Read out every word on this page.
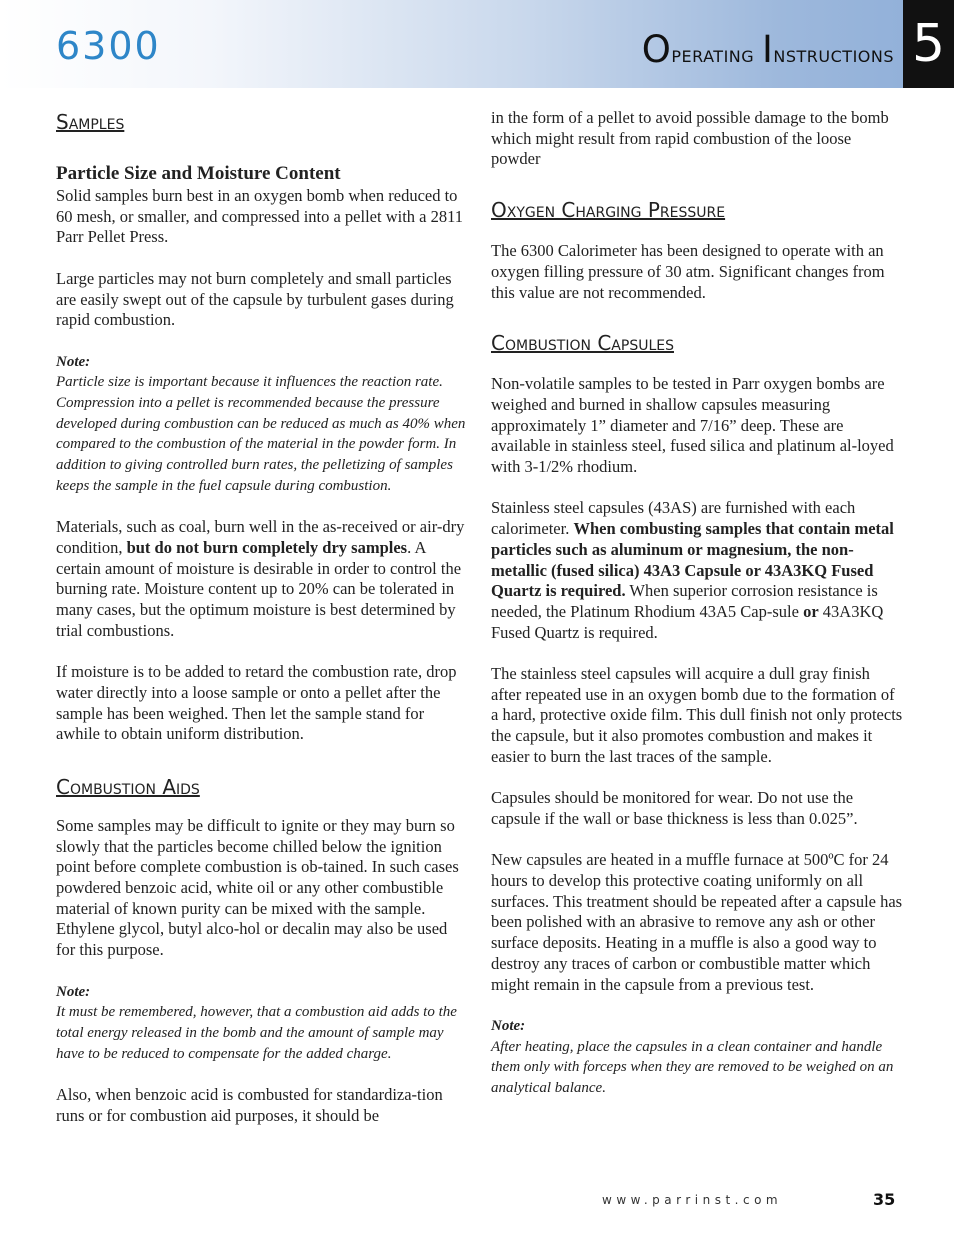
6300	Operating Instructions 5

Samples

Particle Size and Moisture Content

Solid samples burn best in an oxygen bomb when reduced to 60 mesh, or smaller, and compressed into a pellet with a 2811 Parr Pellet Press.

Large particles may not burn completely and small particles are easily swept out of the capsule by turbulent gases during rapid combustion.

Note:

Particle size is important because it influences the reaction rate. Compression into a pellet is recommended because the pressure developed during combustion can be reduced as much as 40% when compared to the combustion of the material in the powder form. In addition to giving controlled burn rates, the pelletizing of samples keeps the sample in the fuel capsule during combustion.

Materials, such as coal, burn well in the as-received or air-dry condition, but do not burn completely dry samples. A certain amount of moisture is desirable in order to control the burning rate. Moisture content up to 20% can be tolerated in many cases, but the optimum moisture is best determined by trial combustions.

If moisture is to be added to retard the combustion rate, drop water directly into a loose sample or onto a pellet after the sample has been weighed. Then let the sample stand for awhile to obtain uniform distribution.

Combustion Aids

Some samples may be difficult to ignite or they may burn so slowly that the particles become chilled below the ignition point before complete combustion is ob-tained. In such cases powdered benzoic acid, white oil or any other combustible material of known purity can be mixed with the sample. Ethylene glycol, butyl alco-hol or decalin may also be used for this purpose.

Note:

It must be remembered, however, that a combustion aid adds to the total energy released in the bomb and the amount of sample may have to be reduced to compensate for the added charge.

Also, when benzoic acid is combusted for standardiza-tion runs or for combustion aid purposes, it should be

in the form of a pellet to avoid possible damage to the bomb which might result from rapid combustion of the loose powder

Oxygen Charging Pressure

The 6300 Calorimeter has been designed to operate with an oxygen filling pressure of 30 atm. Significant changes from this value are not recommended.

Combustion Capsules

Non-volatile samples to be tested in Parr oxygen bombs are weighed and burned in shallow capsules measuring approximately 1” diameter and 7/16” deep. These are available in stainless steel, fused silica and platinum al-loyed with 3-1/2% rhodium.

Stainless steel capsules (43AS) are furnished with each calorimeter. When combusting samples that contain metal particles such as aluminum or magnesium, the non-metallic (fused silica) 43A3 Capsule or 43A3KQ Fused Quartz is required. When superior corrosion resistance is needed, the Platinum Rhodium 43A5 Cap-sule or 43A3KQ Fused Quartz is required.

The stainless steel capsules will acquire a dull gray finish after repeated use in an oxygen bomb due to the formation of a hard, protective oxide film. This dull finish not only protects the capsule, but it also promotes combustion and makes it easier to burn the last traces of the sample.

Capsules should be monitored for wear. Do not use the capsule if the wall or base thickness is less than 0.025”.

New capsules are heated in a muffle furnace at 500ºC for 24 hours to develop this protective coating uniformly on all surfaces. This treatment should be repeated after a capsule has been polished with an abrasive to remove any ash or other surface deposits. Heating in a muffle is also a good way to destroy any traces of carbon or combustible matter which might remain in the capsule from a previous test.

Note:

After heating, place the capsules in a clean container and handle them only with forceps when they are removed to be weighed on an analytical balance.

www.parrinst.com	35
